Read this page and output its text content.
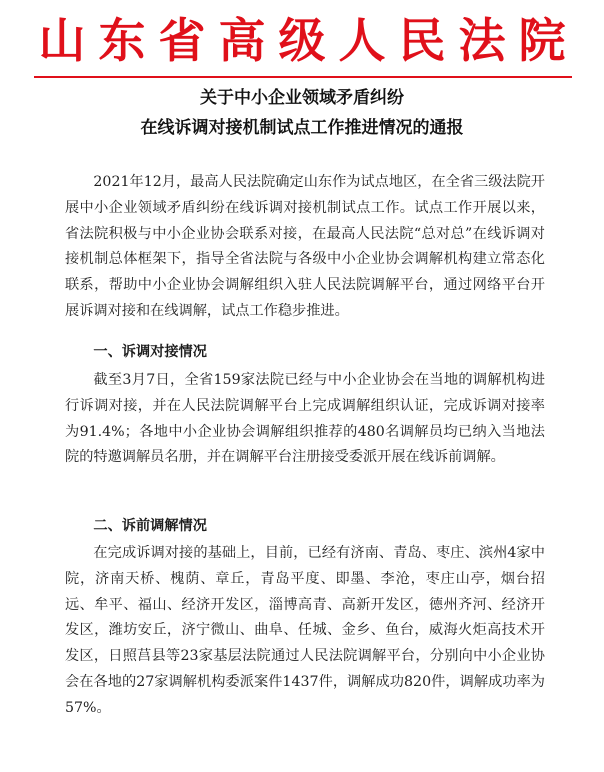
山东省高级人民法院
关于中小企业领域矛盾纠纷
在线诉调对接机制试点工作推进情况的通报

2021年12月，最高人民法院确定山东作为试点地区，在全省三级法院开展中小企业领域矛盾纠纷在线诉调对接机制试点工作。试点工作开展以来，省法院积极与中小企业协会联系对接，在最高人民法院“总对总”在线诉调对接机制总体框架下，指导全省法院与各级中小企业协会调解机构建立常态化联系，帮助中小企业协会调解组织入驻人民法院调解平台，通过网络平台开展诉调对接和在线调解，试点工作稳步推进。

一、诉调对接情况

截至3月7日，全省159家法院已经与中小企业协会在当地的调解机构进行诉调对接，并在人民法院调解平台上完成调解组织认证，完成诉调对接率为91.4%；各地中小企业协会调解组织推荐的480名调解员均已纳入当地法院的特邀调解员名册，并在调解平台注册接受委派开展在线诉前调解。

二、诉前调解情况

在完成诉调对接的基础上，目前，已经有济南、青岛、枣庄、滨州4家中院，济南天桥、槐荫、章丘，青岛平度、即墨、李沧，枣庄山亭，烟台招远、牟平、福山、经济开发区，淄博高青、高新开发区，德州齐河、经济开发区，潍坊安丘，济宁微山、曲阜、任城、金乡、鱼台，威海火炬高技术开发区，日照莒县等23家基层法院通过人民法院调解平台，分别向中小企业协会在各地的27家调解机构委派案件1437件，调解成功820件，调解成功率为57%。
